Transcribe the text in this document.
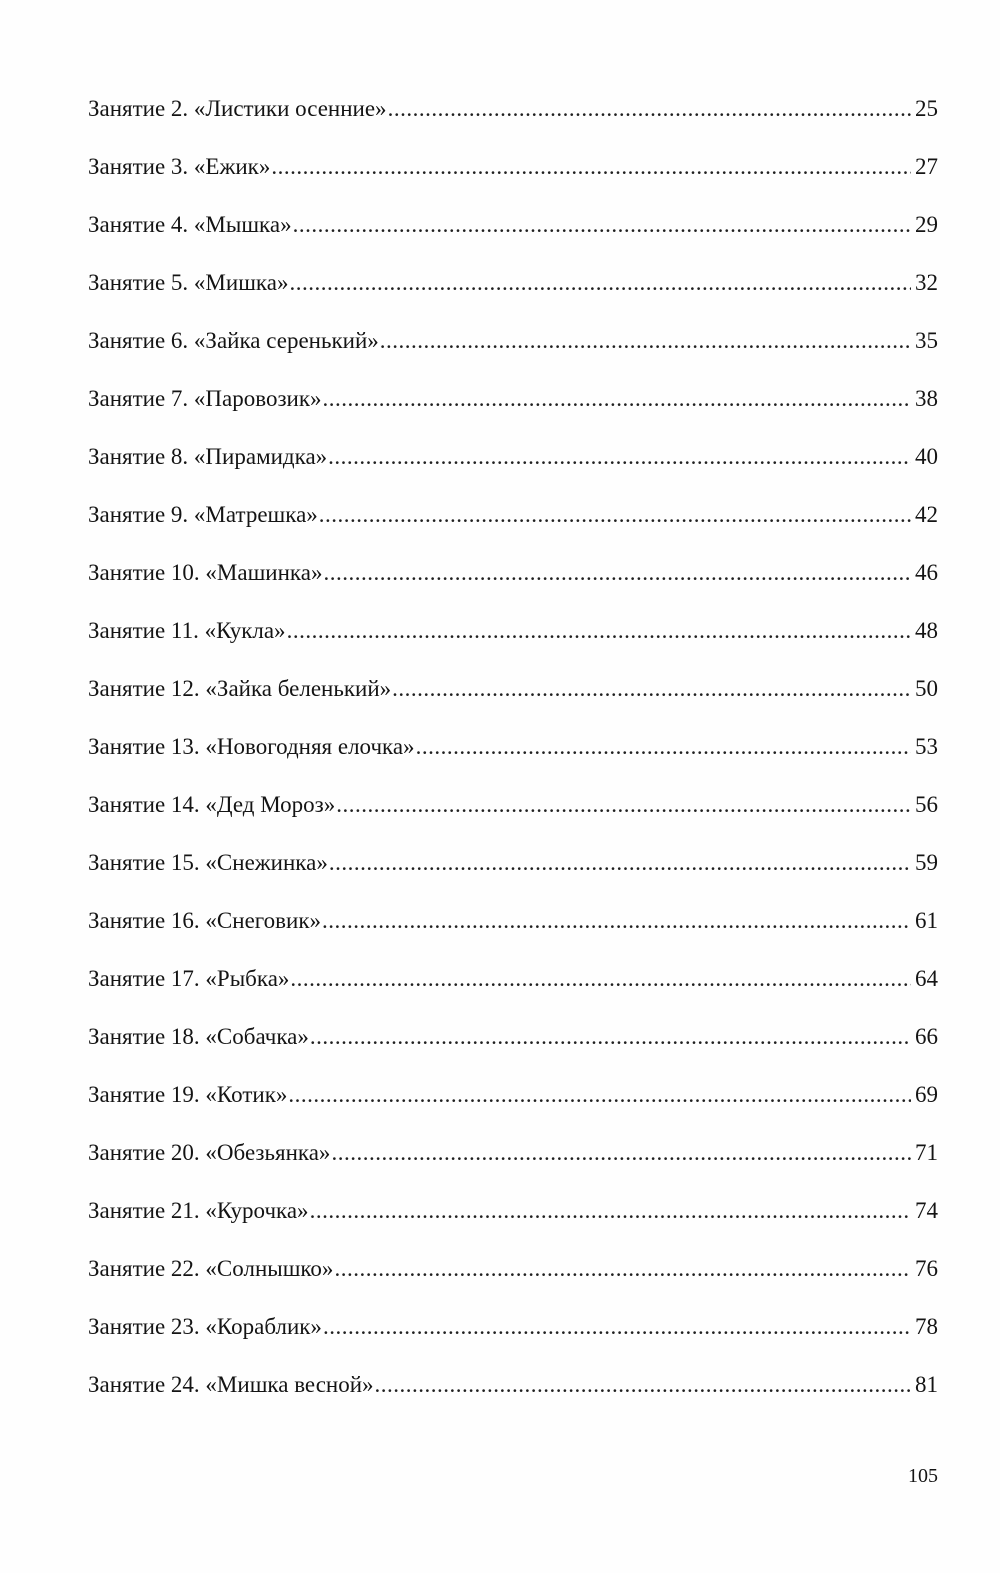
Занятие 2. «Листики осенние» .....	25
Занятие 3. «Ежик» .....	27
Занятие 4. «Мышка» .....	29
Занятие 5. «Мишка» .....	32
Занятие 6. «Зайка серенький» .....	35
Занятие 7. «Паровозик» .....	38
Занятие 8. «Пирамидка» .....	40
Занятие 9. «Матрешка» .....	42
Занятие 10. «Машинка» .....	46
Занятие 11. «Кукла» .....	48
Занятие 12. «Зайка беленький» .....	50
Занятие 13. «Новогодняя елочка» .....	53
Занятие 14. «Дед Мороз» .....	56
Занятие 15. «Снежинка» .....	59
Занятие 16. «Снеговик» .....	61
Занятие 17. «Рыбка» .....	64
Занятие 18. «Собачка» .....	66
Занятие 19. «Котик» .....	69
Занятие 20. «Обезьянка» .....	71
Занятие 21. «Курочка» .....	74
Занятие 22. «Солнышко» .....	76
Занятие 23. «Кораблик» .....	78
Занятие 24. «Мишка весной» .....	81
105
